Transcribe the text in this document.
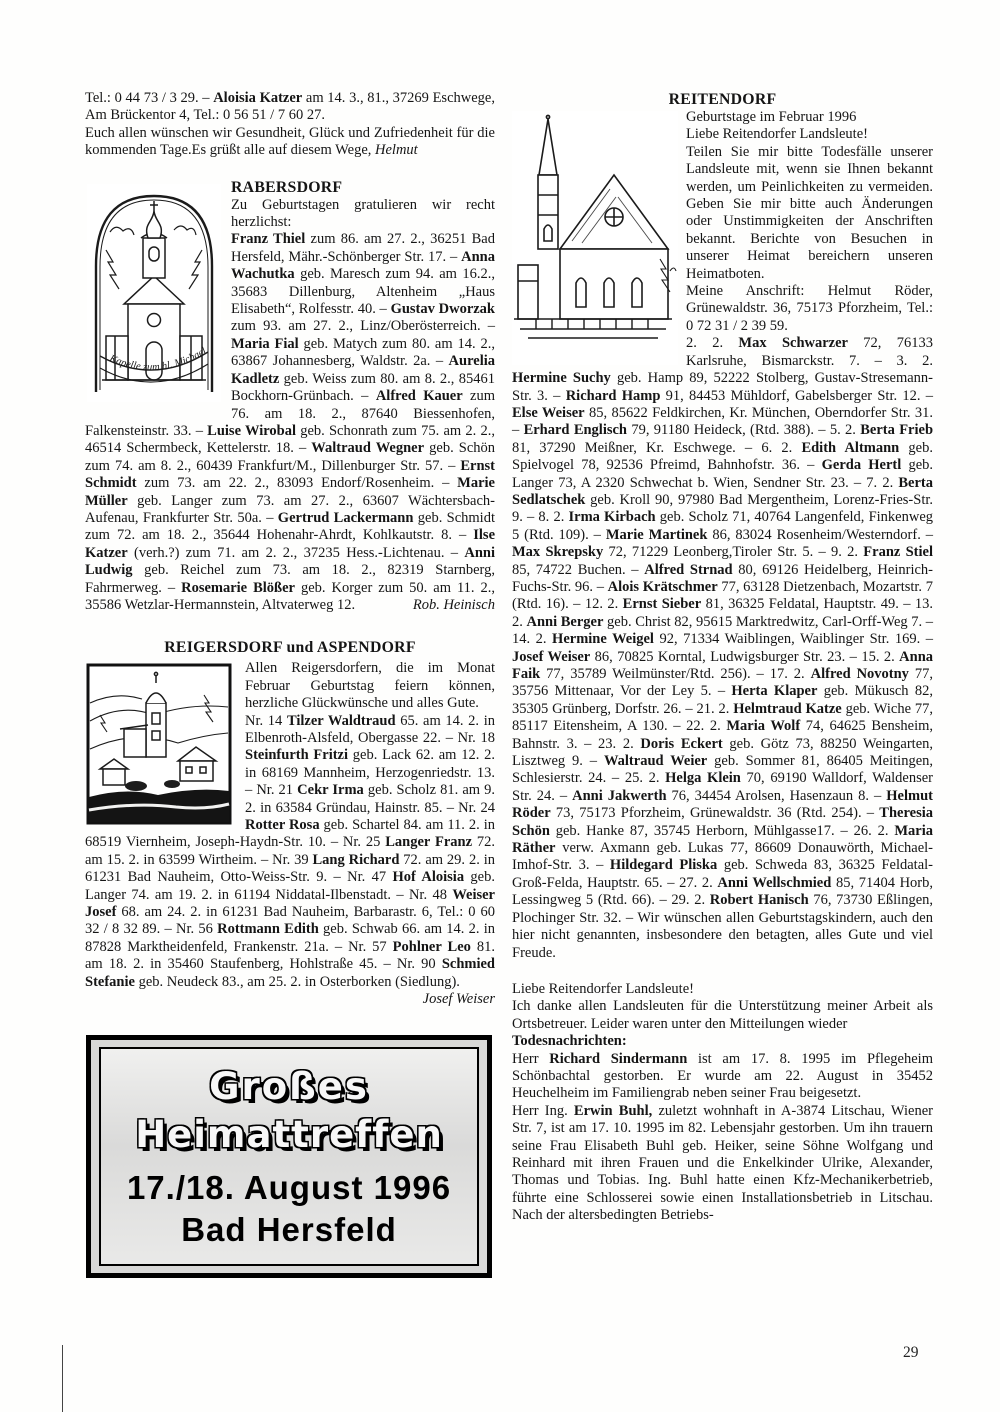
Tel.: 0 44 73 / 3 29. – Aloisia Katzer am 14. 3., 81., 37269 Eschwege, Am Brückentor 4, Tel.: 0 56 51 / 7 60 27.

Euch allen wünschen wir Gesundheit, Glück und Zufriedenheit für die kommenden Tage.Es grüßt alle auf diesem Wege, Helmut

Kapelle zum hl. Michael
RABERSDORF

Zu Geburtstagen gratulieren wir recht herzlichst:

Franz Thiel zum 86. am 27. 2., 36251 Bad Hersfeld, Mähr.-Schönberger Str. 17. – Anna Wachutka geb. Maresch zum 94. am 16.2., 35683 Dillenburg, Altenheim „Haus Elisabeth“, Rolfesstr. 40. – Gustav Dworzak zum 93. am 27. 2., Linz/Oberösterreich. – Maria Fial geb. Matych zum 80. am 14. 2., 63867 Johannesberg, Waldstr. 2a. – Aurelia Kadletz geb. Weiss zum 80. am 8. 2., 85461 Bockhorn-Grünbach. – Alfred Kauer zum 76. am 18. 2., 87640 Biessenhofen, Falkensteinstr. 33. – Luise Wirobal geb. Schonrath zum 75. am 2. 2., 46514 Schermbeck, Kettelerstr. 18. – Waltraud Wegner geb. Schön zum 74. am 8. 2., 60439 Frankfurt/M., Dillenburger Str. 57. – Ernst Schmidt zum 73. am 22. 2., 83093 Endorf/Rosenheim. – Marie Müller geb. Langer zum 73. am 27. 2., 63607 Wächtersbach-Aufenau, Frankfurter Str. 50a. – Gertrud Lackermann geb. Schmidt zum 72. am 18. 2., 35644 Hohenahr-Ahrdt, Kohlkautstr. 8. – Ilse Katzer (verh.?) zum 71. am 2. 2., 37235 Hess.-Lichtenau. – Anni Ludwig geb. Reichel zum 73. am 18. 2., 82319 Starnberg, Fahrmerweg. – Rosemarie Blößer geb. Korger zum 50. am 11. 2., 35586 Wetzlar-Hermannstein, Altvaterweg 12.	Rob. Heinisch

REIGERSDORF und ASPENDORF

Allen Reigersdorfern, die im Monat Februar Geburtstag feiern können, herzliche Glückwünsche und alles Gute.

Nr. 14 Tilzer Waldtraud 65. am 14. 2. in Elbenroth-Alsfeld, Obergasse 22. – Nr. 18 Steinfurth Fritzi geb. Lack 62. am 12. 2. in 68169 Mannheim, Herzogenriedstr. 13. – Nr. 21 Cekr Irma geb. Scholz 81. am 9. 2. in 63584 Gründau, Hainstr. 85. – Nr. 24 Rotter Rosa geb. Schartel 84. am 11. 2. in 68519 Viernheim, Joseph-Haydn-Str. 10. – Nr. 25 Langer Franz 72. am 15. 2. in 63599 Wirtheim. – Nr. 39 Lang Richard 72. am 29. 2. in 61231 Bad Nauheim, Otto-Weiss-Str. 9. – Nr. 47 Hof Aloisia geb. Langer 74. am 19. 2. in 61194 Niddatal-Ilbenstadt. – Nr. 48 Weiser Josef 68. am 24. 2. in 61231 Bad Nauheim, Barbarastr. 6, Tel.: 0 60 32 / 8 32 89. – Nr. 56 Rottmann Edith geb. Schwab 66. am 14. 2. in 87828 Marktheidenfeld, Frankenstr. 21a. – Nr. 57 Pohlner Leo 81. am 18. 2. in 35460 Staufenberg, Hohlstraße 45. – Nr. 90 Schmied Stefanie geb. Neudeck 83., am 25. 2. in Osterborken (Siedlung).

Josef Weiser

Großes
Heimattreffen
17./18. August 1996
Bad Hersfeld
REITENDORF

Geburtstage im Februar 1996

Liebe Reitendorfer Landsleute!

Teilen Sie mir bitte Todesfälle unserer Landsleute mit, wenn sie Ihnen bekannt werden, um Peinlichkeiten zu vermeiden. Geben Sie mir bitte auch Änderungen oder Unstimmigkeiten der Anschriften bekannt. Berichte von Besuchen in unserer Heimat bereichern unseren Heimatboten.

Meine Anschrift: Helmut Röder, Grünewaldstr. 36, 75173 Pforzheim, Tel.: 0 72 31 / 2 39 59.

2. 2. Max Schwarzer 72, 76133 Karlsruhe, Bismarckstr. 7. – 3. 2. Hermine Suchy geb. Hamp 89, 52222 Stolberg, Gustav-Stresemann-Str. 3. – Richard Hamp 91, 84453 Mühldorf, Gabelsberger Str. 12. – Else Weiser 85, 85622 Feldkirchen, Kr. München, Oberndorfer Str. 31. – Erhard Englisch 79, 91180 Heideck, (Rtd. 388). – 5. 2. Berta Frieb 81, 37290 Meißner, Kr. Eschwege. – 6. 2. Edith Altmann geb. Spielvogel 78, 92536 Pfreimd, Bahnhofstr. 36. – Gerda Hertl geb. Langer 73, A 2320 Schwechat b. Wien, Sendner Str. 23. – 7. 2. Berta Sedlatschek geb. Kroll 90, 97980 Bad Mergentheim, Lorenz-Fries-Str. 9. – 8. 2. Irma Kirbach geb. Scholz 71, 40764 Langenfeld, Finkenweg 5 (Rtd. 109). – Marie Martinek 86, 83024 Rosenheim/Westerndorf. – Max Skrepsky 72, 71229 Leonberg,Tiroler Str. 5. – 9. 2. Franz Stiel 85, 74722 Buchen. – Alfred Strnad 80, 69126 Heidelberg, Heinrich-Fuchs-Str. 96. – Alois Krätschmer 77, 63128 Dietzenbach, Mozartstr. 7 (Rtd. 16). – 12. 2. Ernst Sieber 81, 36325 Feldatal, Hauptstr. 49. – 13. 2. Anni Berger geb. Christ 82, 95615 Marktredwitz, Carl-Orff-Weg 7. – 14. 2. Hermine Weigel 92, 71334 Waiblingen, Waiblinger Str. 169. – Josef Weiser 86, 70825 Korntal, Ludwigsburger Str. 23. – 15. 2. Anna Faik 77, 35789 Weilmünster/Rtd. 256). – 17. 2. Alfred Novotny 77, 35756 Mittenaar, Vor der Ley 5. – Herta Klaper geb. Mükusch 82, 35305 Grünberg, Dorfstr. 26. – 21. 2. Helmtraud Katze geb. Wiche 77, 85117 Eitensheim, A 130. – 22. 2. Maria Wolf 74, 64625 Bensheim, Bahnstr. 3. – 23. 2. Doris Eckert geb. Götz 73, 88250 Weingarten, Lisztweg 9. – Waltraud Weier geb. Sommer 81, 86405 Meitingen, Schlesierstr. 24. – 25. 2. Helga Klein 70, 69190 Walldorf, Waldenser Str. 24. – Anni Jakwerth 76, 34454 Arolsen, Hasenzaun 8. – Helmut Röder 73, 75173 Pforzheim, Grünewaldstr. 36 (Rtd. 254). – Theresia Schön geb. Hanke 87, 35745 Herborn, Mühlgasse17. – 26. 2. Maria Räther verw. Axmann geb. Lukas 77, 86609 Donauwörth, Michael-Imhof-Str. 3. – Hildegard Pliska geb. Schweda 83, 36325 Feldatal-Groß-Felda, Hauptstr. 65. – 27. 2. Anni Wellschmied 85, 71404 Horb, Lessingweg 5 (Rtd. 66). – 29. 2. Robert Hanisch 76, 73730 Eßlingen, Plochinger Str. 32. – Wir wünschen allen Geburtstagskindern, auch den hier nicht genannten, insbesondere den betagten, alles Gute und viel Freude.

Liebe Reitendorfer Landsleute!

Ich danke allen Landsleuten für die Unterstützung meiner Arbeit als Ortsbetreuer. Leider waren unter den Mitteilungen wieder

Todesnachrichten:

Herr Richard Sindermann ist am 17. 8. 1995 im Pflegeheim Schönbachtal gestorben. Er wurde am 22. August in 35452 Heuchelheim im Familiengrab neben seiner Frau beigesetzt.

Herr Ing. Erwin Buhl, zuletzt wohnhaft in A-3874 Litschau, Wiener Str. 7, ist am 17. 10. 1995 im 82. Lebensjahr gestorben. Um ihn trauern seine Frau Elisabeth Buhl geb. Heiker, seine Söhne Wolfgang und Reinhard mit ihren Frauen und die Enkelkinder Ulrike, Alexander, Thomas und Tobias. Ing. Buhl hatte einen Kfz-Mechanikerbetrieb, führte eine Schlosserei sowie einen Installationsbetrieb in Litschau. Nach der altersbedingten Betriebs-

29
